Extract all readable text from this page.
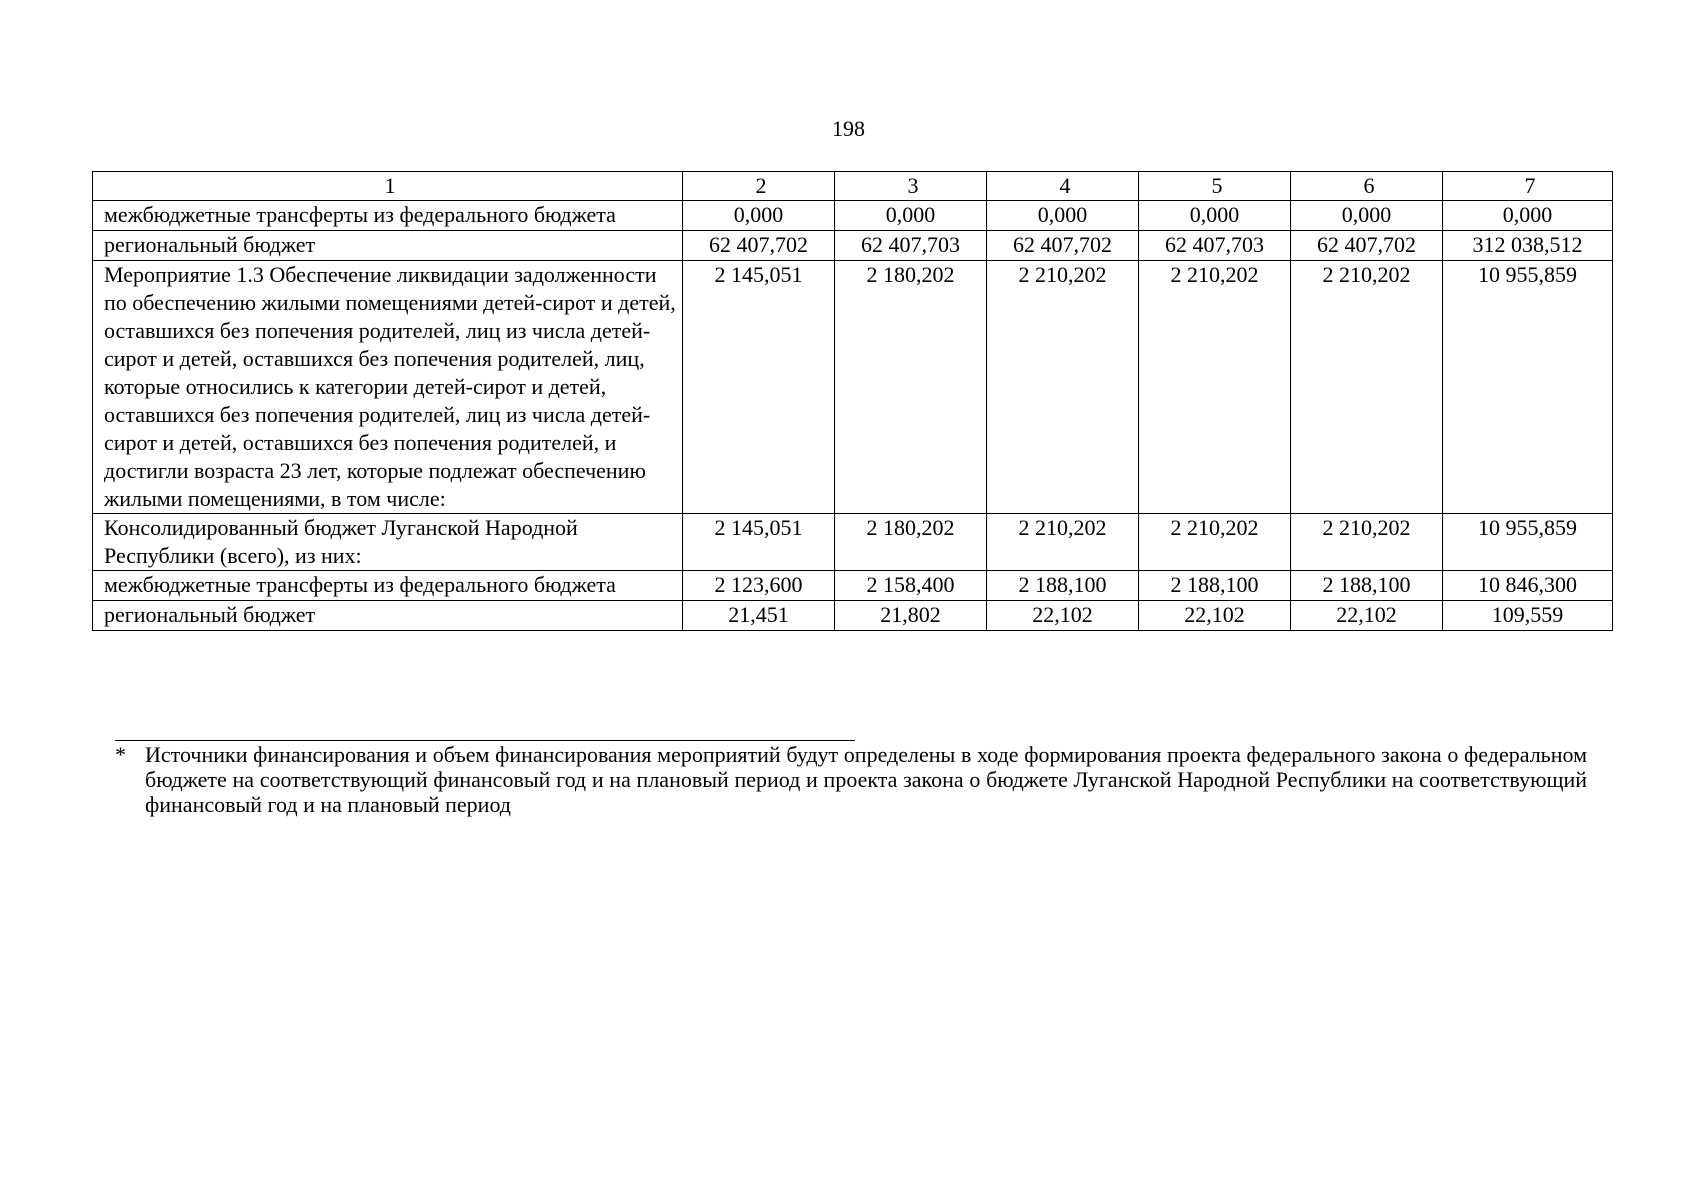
198
1	2	3	4	5	6	7
межбюджетные трансферты из федерального бюджета	0,000	0,000	0,000	0,000	0,000	0,000
региональный бюджет	62 407,702	62 407,703	62 407,702	62 407,703	62 407,702	312 038,512
Мероприятие 1.3 Обеспечение ликвидации задолженности по обеспечению жилыми помещениями детей-сирот и детей, оставшихся без попечения родителей, лиц из числа детей-сирот и детей, оставшихся без попечения родителей, лиц, которые относились к категории детей-сирот и детей, оставшихся без попечения родителей, лиц из числа детей-сирот и детей, оставшихся без попечения родителей, и достигли возраста 23 лет, которые подлежат обеспечению жилыми помещениями, в том числе:	2 145,051	2 180,202	2 210,202	2 210,202	2 210,202	10 955,859
Консолидированный бюджет Луганской Народной Республики (всего), из них:	2 145,051	2 180,202	2 210,202	2 210,202	2 210,202	10 955,859
межбюджетные трансферты из федерального бюджета	2 123,600	2 158,400	2 188,100	2 188,100	2 188,100	10 846,300
региональный бюджет	21,451	21,802	22,102	22,102	22,102	109,559
* Источники финансирования и объем финансирования мероприятий будут определены в ходе формирования проекта федерального закона о федеральном бюджете на соответствующий финансовый год и на плановый период и проекта закона о бюджете Луганской Народной Республики на соответствующий финансовый год и на плановый период
